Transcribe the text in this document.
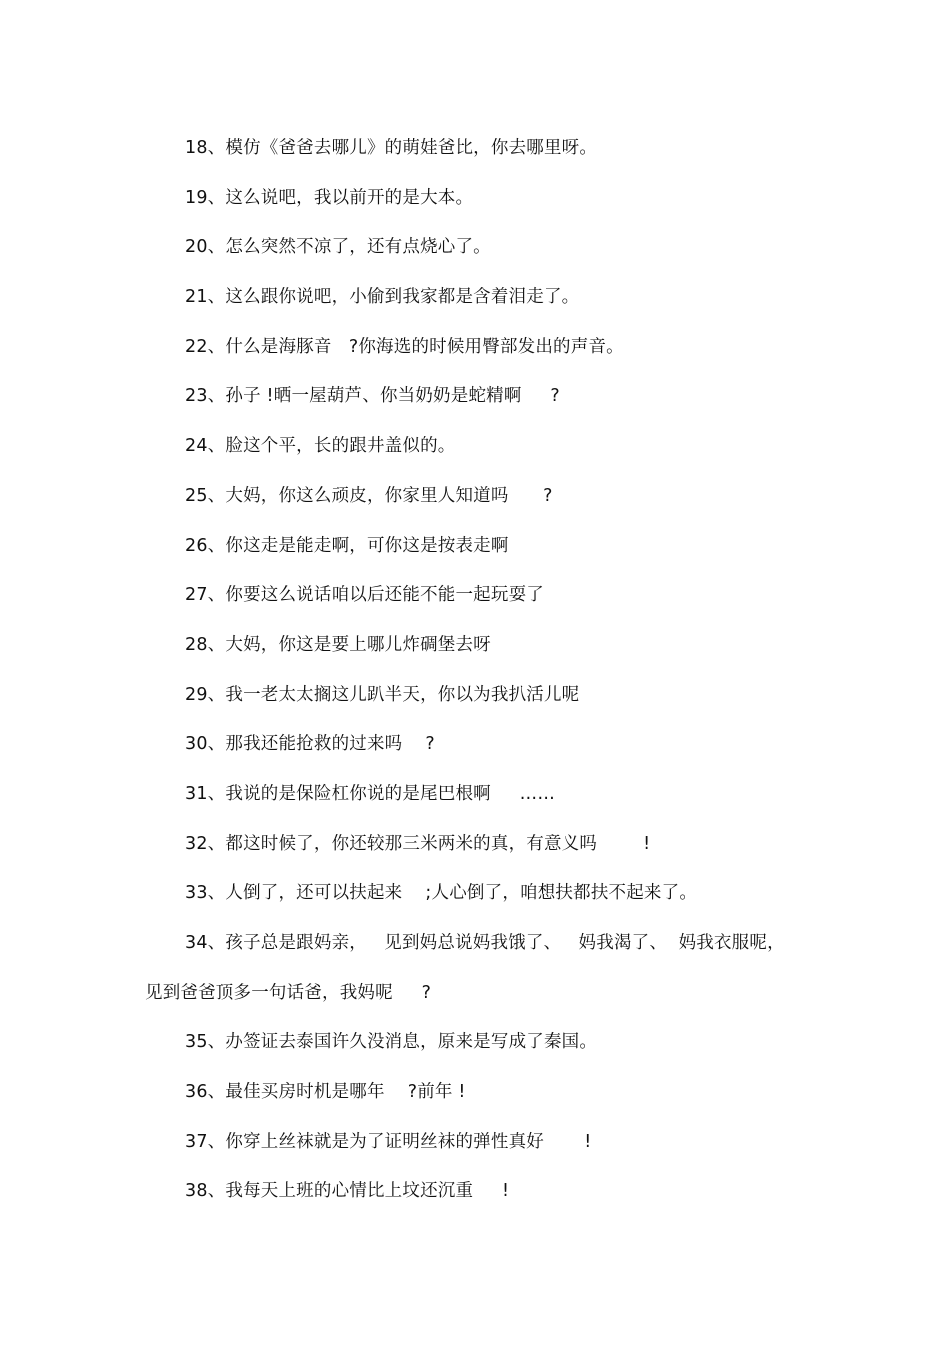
18、模仿《爸爸去哪儿》的萌娃爸比，你去哪里呀。
19、这么说吧，我以前开的是大本。
20、怎么突然不凉了，还有点烧心了。
21、这么跟你说吧，小偷到我家都是含着泪走了。
22、什么是海豚音   ?你海选的时候用臀部发出的声音。
23、孙子 !晒一屋葫芦、你当奶奶是蛇精啊     ?
24、脸这个平，长的跟井盖似的。
25、大妈，你这么顽皮，你家里人知道吗      ?
26、你这走是能走啊，可你这是按表走啊
27、你要这么说话咱以后还能不能一起玩耍了
28、大妈，你这是要上哪儿炸碉堡去呀
29、我一老太太搁这儿趴半天，你以为我扒活儿呢
30、那我还能抢救的过来吗    ?
31、我说的是保险杠你说的是尾巴根啊     ……
32、都这时候了，你还较那三米两米的真，有意义吗        !
33、人倒了，还可以扶起来    ;人心倒了，咱想扶都扶不起来了。
34、孩子总是跟妈亲，   见到妈总说妈我饿了、   妈我渴了、  妈我衣服呢，
见到爸爸顶多一句话爸，我妈呢     ?
35、办签证去泰国许久没消息，原来是写成了秦国。
36、最佳买房时机是哪年    ?前年 !
37、你穿上丝袜就是为了证明丝袜的弹性真好       !
38、我每天上班的心情比上坟还沉重     !
